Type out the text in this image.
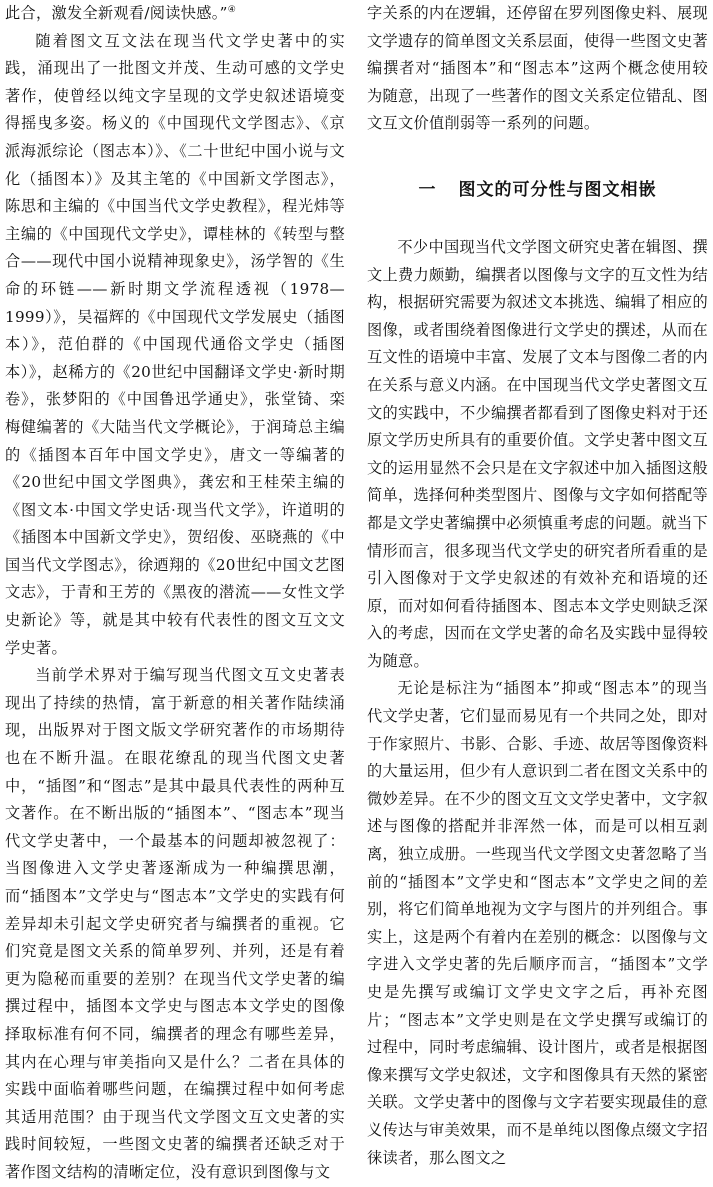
此合，激发全新观看/阅读快感。”④

随着图文互文法在现当代文学史著中的实践，涌现出了一批图文并茂、生动可感的文学史著作，使曾经以纯文字呈现的文学史叙述语境变得摇曳多姿。杨义的《中国现代文学图志》、《京派海派综论（图志本）》、《二十世纪中国小说与文化（插图本）》及其主笔的《中国新文学图志》，陈思和主编的《中国当代文学史教程》，程光炜等主编的《中国现代文学史》，谭桂林的《转型与整合——现代中国小说精神现象史》，汤学智的《生命的环链——新时期文学流程透视（1978—1999）》，吴福辉的《中国现代文学发展史（插图本）》，范伯群的《中国现代通俗文学史（插图本）》，赵稀方的《20世纪中国翻译文学史·新时期卷》，张梦阳的《中国鲁迅学通史》，张堂锜、栾梅健编著的《大陆当代文学概论》，于润琦总主编的《插图本百年中国文学史》，唐文一等编著的《20世纪中国文学图典》，龚宏和王桂荣主编的《图文本·中国文学史话·现当代文学》，许道明的《插图本中国新文学史》，贺绍俊、巫晓燕的《中国当代文学图志》，徐迺翔的《20世纪中国文艺图文志》，于青和王芳的《黑夜的潜流——女性文学史新论》等，就是其中较有代表性的图文互文文学史著。

当前学术界对于编写现当代图文互文史著表现出了持续的热情，富于新意的相关著作陆续涌现，出版界对于图文版文学研究著作的市场期待也在不断升温。在眼花缭乱的现当代图文史著中，“插图”和“图志”是其中最具代表性的两种互文著作。在不断出版的“插图本”、“图志本”现当代文学史著中，一个最基本的问题却被忽视了：当图像进入文学史著逐渐成为一种编撰思潮，而“插图本”文学史与“图志本”文学史的实践有何差异却未引起文学史研究者与编撰者的重视。它们究竟是图文关系的简单罗列、并列，还是有着更为隐秘而重要的差别？在现当代文学史著的编撰过程中，插图本文学史与图志本文学史的图像择取标准有何不同，编撰者的理念有哪些差异，其内在心理与审美指向又是什么？二者在具体的实践中面临着哪些问题，在编撰过程中如何考虑其适用范围？由于现当代文学图文互文史著的实践时间较短，一些图文史著的编撰者还缺乏对于著作图文结构的清晰定位，没有意识到图像与文

字关系的内在逻辑，还停留在罗列图像史料、展现文学遗存的简单图文关系层面，使得一些图文史著编撰者对“插图本”和“图志本”这两个概念使用较为随意，出现了一些著作的图文关系定位错乱、图文互文价值削弱等一系列的问题。

一 图文的可分性与图文相嵌

不少中国现当代文学图文研究史著在辑图、撰文上费力颇勤，编撰者以图像与文字的互文性为结构，根据研究需要为叙述文本挑选、编辑了相应的图像，或者围绕着图像进行文学史的撰述，从而在互文性的语境中丰富、发展了文本与图像二者的内在关系与意义内涵。在中国现当代文学史著图文互文的实践中，不少编撰者都看到了图像史料对于还原文学历史所具有的重要价值。文学史著中图文互文的运用显然不会只是在文字叙述中加入插图这般简单，选择何种类型图片、图像与文字如何搭配等都是文学史著编撰中必须慎重考虑的问题。就当下情形而言，很多现当代文学史的研究者所看重的是引入图像对于文学史叙述的有效补充和语境的还原，而对如何看待插图本、图志本文学史则缺乏深入的考虑，因而在文学史著的命名及实践中显得较为随意。

无论是标注为“插图本”抑或“图志本”的现当代文学史著，它们显而易见有一个共同之处，即对于作家照片、书影、合影、手迹、故居等图像资料的大量运用，但少有人意识到二者在图文关系中的微妙差异。在不少的图文互文文学史著中，文字叙述与图像的搭配并非浑然一体，而是可以相互剥离，独立成册。一些现当代文学图文史著忽略了当前的“插图本”文学史和“图志本”文学史之间的差别，将它们简单地视为文字与图片的并列组合。事实上，这是两个有着内在差别的概念：以图像与文字进入文学史著的先后顺序而言，“插图本”文学史是先撰写或编订文学史文字之后，再补充图片；“图志本”文学史则是在文学史撰写或编订的过程中，同时考虑编辑、设计图片，或者是根据图像来撰写文学史叙述，文字和图像具有天然的紧密关联。文学史著中的图像与文字若要实现最佳的意义传达与审美效果，而不是单纯以图像点缀文字招徕读者，那么图文之
